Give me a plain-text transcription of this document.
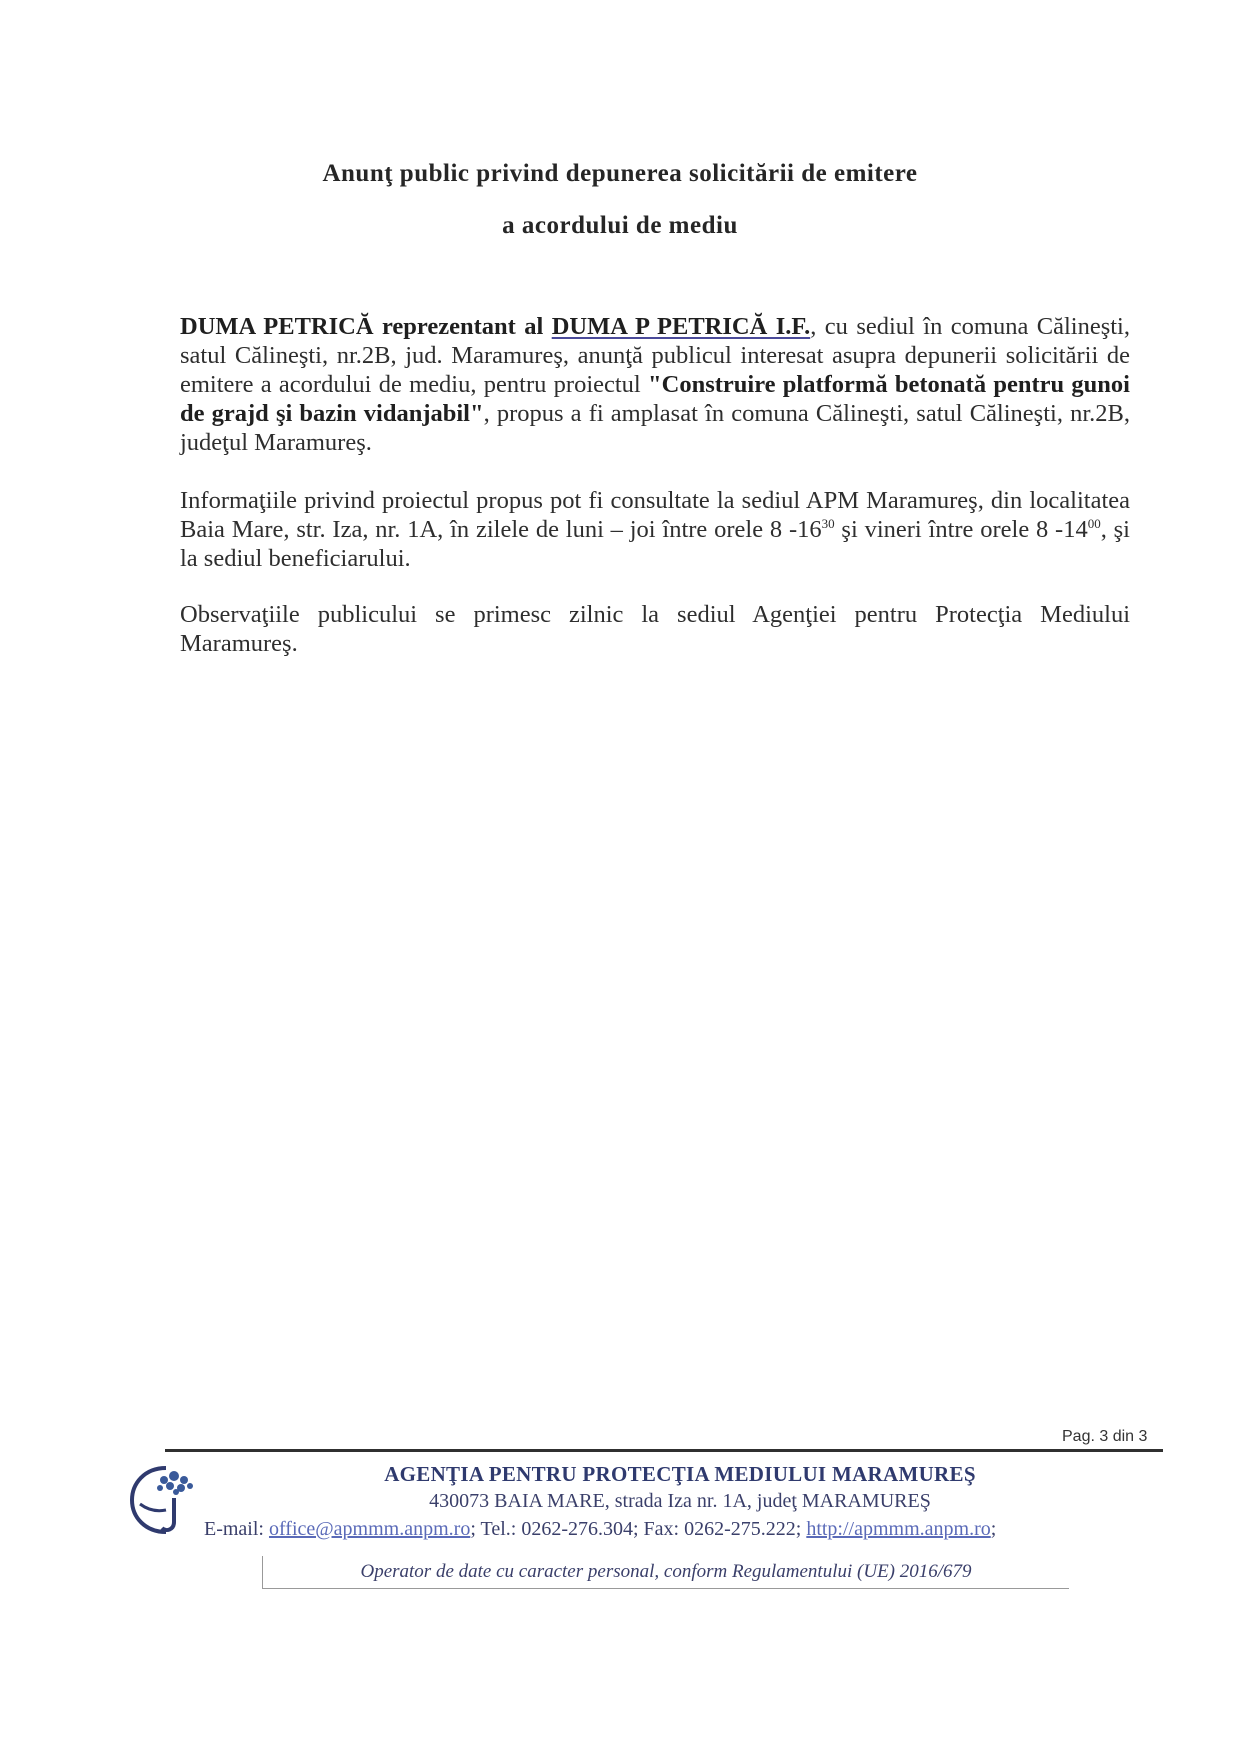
Anunţ public privind depunerea solicitării de emitere
a acordului de mediu
DUMA PETRICĂ reprezentant al DUMA P PETRICĂ I.F., cu sediul în comuna Călineşti, satul Călineşti, nr.2B, jud. Maramureş, anunţă publicul interesat asupra depunerii solicitării de emitere a acordului de mediu, pentru proiectul "Construire platformă betonată pentru gunoi de grajd şi bazin vidanjabil", propus a fi amplasat în comuna Călineşti, satul Călineşti, nr.2B, judeţul Maramureş.
Informaţiile privind proiectul propus pot fi consultate la sediul APM Maramureş, din localitatea Baia Mare, str. Iza, nr. 1A, în zilele de luni – joi între orele 8 $-16^{30}$ şi vineri între orele 8 $-14^{00}$, şi la sediul beneficiarului.
Observaţiile publicului se primesc zilnic la sediul Agenţiei pentru Protecţia Mediului Maramureş.
Pag. 3 din 3
AGENŢIA PENTRU PROTECŢIA MEDIULUI MARAMUREŞ
430073 BAIA MARE, strada Iza nr. 1A, judeţ MARAMUREŞ
E-mail: office@apmmm.anpm.ro; Tel.: 0262-276.304; Fax: 0262-275.222; http://apmmm.anpm.ro;
Operator de date cu caracter personal, conform Regulamentului (UE) 2016/679
